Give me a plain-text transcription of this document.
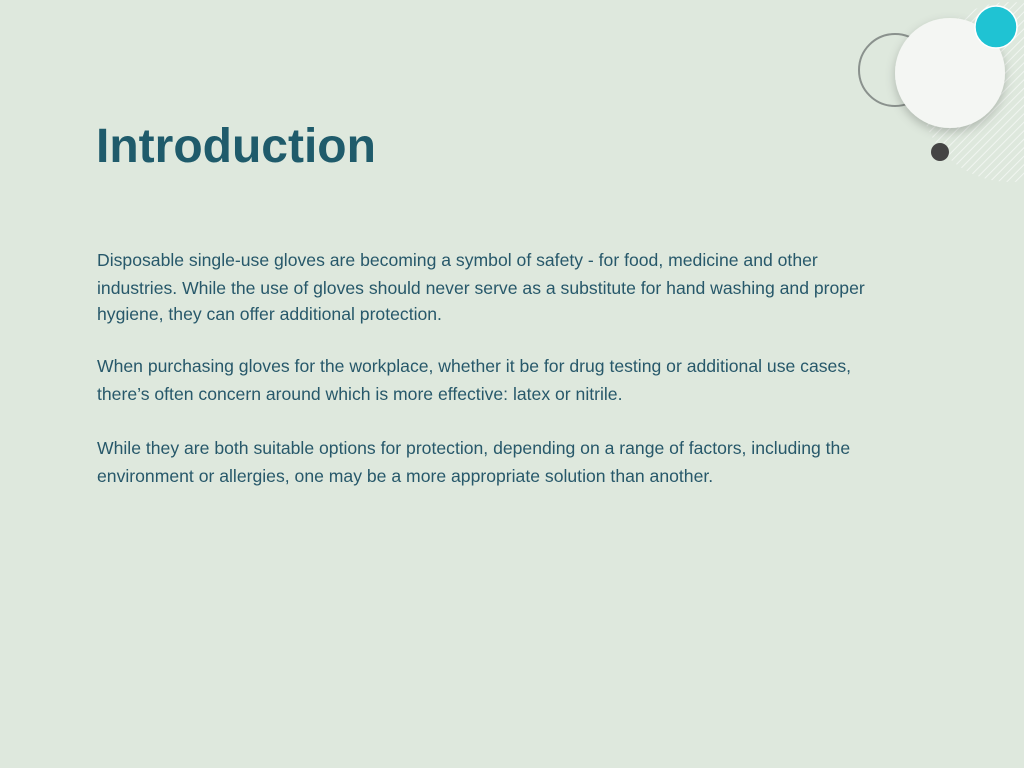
Introduction

Disposable single-use gloves are becoming a symbol of safety - for food, medicine and other
industries. While the use of gloves should never serve as a substitute for hand washing and proper
hygiene, they can offer additional protection.

When purchasing gloves for the workplace, whether it be for drug testing or additional use cases,
there’s often concern around which is more effective: latex or nitrile.

While they are both suitable options for protection, depending on a range of factors, including the
environment or allergies, one may be a more appropriate solution than another.
